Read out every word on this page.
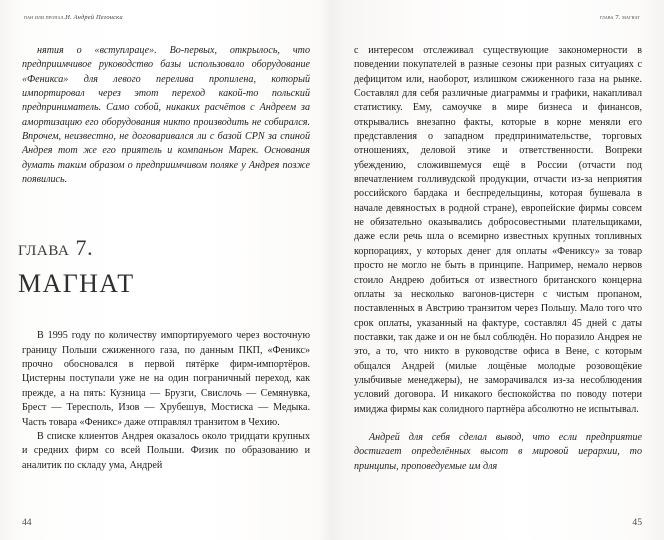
пан или пропал.Н. Андрей Пегонски

нятия о «вступлраце». Во-первых, открылось, что предприимчивое руководство базы использовало оборудование «Феникса» для левого перелива пропилена, который импортировал через этот переход какой-то польский предприниматель. Само собой, никаких расчётов с Андреем за амортизацию его оборудования никто производить не собирался. Впрочем, неизвестно, не договаривался ли с базой CPN за спиной Андрея тот же его приятель и компаньон Марек. Основания думать таким образом о предприимчивом поляке у Андрея позже появились.

глава 7.
МАГНАТ

В 1995 году по количеству импортируемого через восточную границу Польши сжиженного газа, по данным ПКП, «Феникс» прочно обосновался в первой пятёрке фирм-импортёров. Цистерны поступали уже не на один пограничный переход, как прежде, а на пять: Кузница — Брузги, Свислочь — Семянувка, Брест — Тересполь, Изов — Хрубешув, Мостиска — Медыка. Часть товара «Феникс» даже отправлял транзитом в Чехию.

В списке клиентов Андрея оказалось около тридцати крупных и средних фирм со всей Польши. Физик по образованию и аналитик по складу ума, Андрей

44
глава 7. магнат

с интересом отслеживал существующие закономерности в поведении покупателей в разные сезоны при разных ситуациях с дефицитом или, наоборот, излишком сжиженного газа на рынке. Составлял для себя различные диаграммы и графики, накапливал статистику. Ему, самоучке в мире бизнеса и финансов, открывались внезапно факты, которые в корне меняли его представления о западном предпринимательстве, торговых отношениях, деловой этике и ответственности. Вопреки убеждению, сложившемуся ещё в России (отчасти под впечатлением голливудской продукции, отчасти из-за неприятия российского бардака и беспредельщины, которая бушевала в начале девяностых в родной стране), европейские фирмы совсем не обязательно оказывались добросовестными плательщиками, даже если речь шла о всемирно известных крупных топливных корпорациях, у которых денег для оплаты «Фениксу» за товар просто не могло не быть в принципе. Например, немало нервов стоило Андрею добиться от известного британского концерна оплаты за несколько вагонов-цистерн с чистым пропаном, поставленных в Австрию транзитом через Польшу. Мало того что срок оплаты, указанный на фактуре, составлял 45 дней с даты поставки, так даже и он не был соблюдён. Но поразило Андрея не это, а то, что никто в руководстве офиса в Вене, с которым общался Андрей (милые лощёные молодые розовощёкие улыбчивые менеджеры), не заморачивался из-за несоблюдения условий договора. И никакого беспокойства по поводу потери имиджа фирмы как солидного партнёра абсолютно не испытывал.

Андрей для себя сделал вывод, что если предприятие достигает определённых высот в мировой иерархии, то принципы, проповедуемые им для

45
